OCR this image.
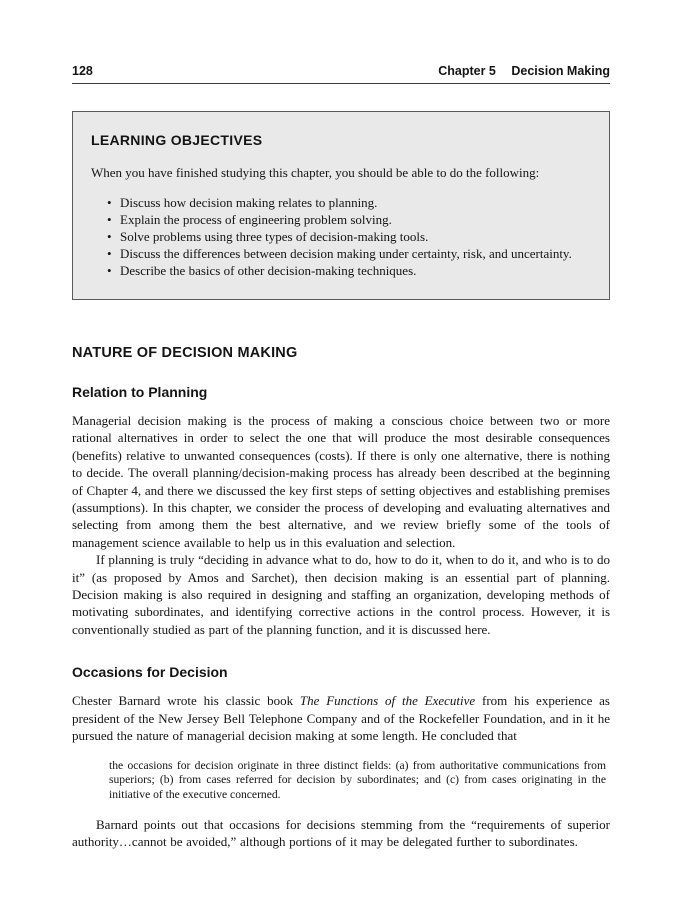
128	Chapter 5 Decision Making
LEARNING OBJECTIVES

When you have finished studying this chapter, you should be able to do the following:

• Discuss how decision making relates to planning.
• Explain the process of engineering problem solving.
• Solve problems using three types of decision-making tools.
• Discuss the differences between decision making under certainty, risk, and uncertainty.
• Describe the basics of other decision-making techniques.
NATURE OF DECISION MAKING
Relation to Planning

Managerial decision making is the process of making a conscious choice between two or more rational alternatives in order to select the one that will produce the most desirable consequences (benefits) relative to unwanted consequences (costs). If there is only one alternative, there is nothing to decide. The overall planning/decision-making process has already been described at the beginning of Chapter 4, and there we discussed the key first steps of setting objectives and establishing premises (assumptions). In this chapter, we consider the process of developing and evaluating alternatives and selecting from among them the best alternative, and we review briefly some of the tools of management science available to help us in this evaluation and selection.

If planning is truly “deciding in advance what to do, how to do it, when to do it, and who is to do it” (as proposed by Amos and Sarchet), then decision making is an essential part of planning. Decision making is also required in designing and staffing an organization, developing methods of motivating subordinates, and identifying corrective actions in the control process. However, it is conventionally studied as part of the planning function, and it is discussed here.

Occasions for Decision

Chester Barnard wrote his classic book The Functions of the Executive from his experience as president of the New Jersey Bell Telephone Company and of the Rockefeller Foundation, and in it he pursued the nature of managerial decision making at some length. He concluded that

the occasions for decision originate in three distinct fields: (a) from authoritative communications from superiors; (b) from cases referred for decision by subordinates; and (c) from cases originating in the initiative of the executive concerned.

Barnard points out that occasions for decisions stemming from the “requirements of superior authority…cannot be avoided,” although portions of it may be delegated further to subordinates.
